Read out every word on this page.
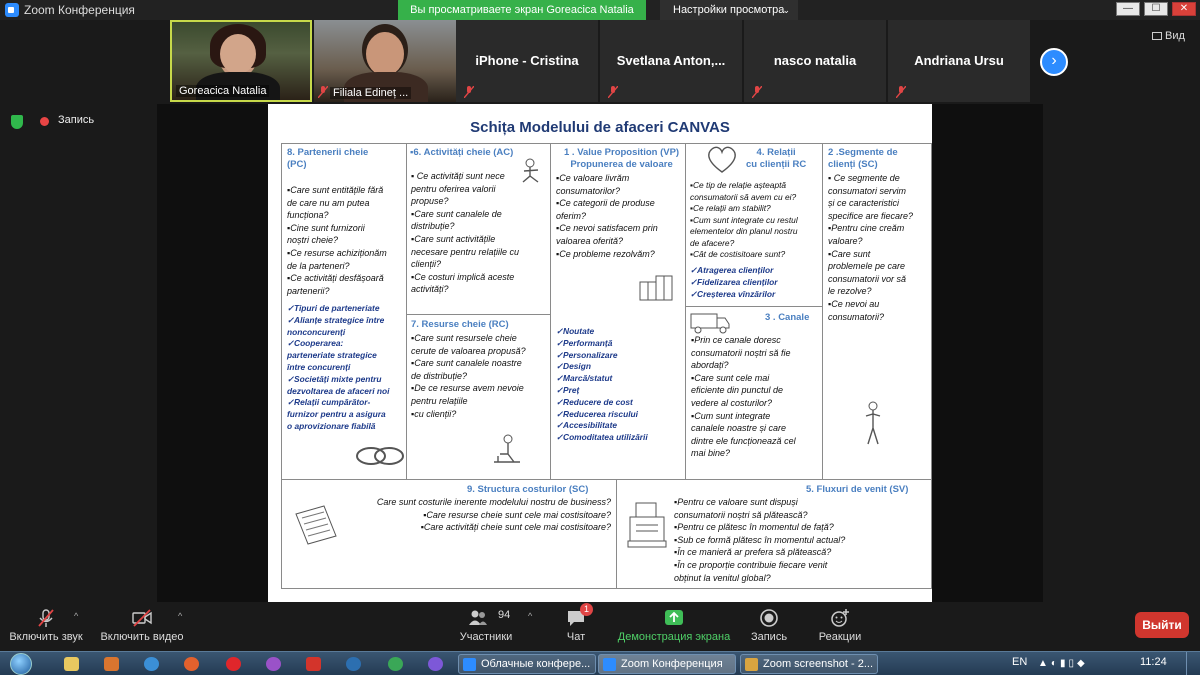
Zoom Конференция	Вы просматриваете экран Goreacica Natalia	Настройки просмотра
⌄	—	☐	✕
Goreacica Natalia	Filiala Edineț ...
iPhone - Cristina	Svetlana Anton,...	nasco natalia	Andriana Ursu	›
Вид
Запись	Schița Modelului de afaceri CANVAS
8. Partenerii cheie
(PC)
▪Care sunt entitățile fără
de care nu am putea
funcționa?
▪Cine sunt furnizorii
noștri cheie?
▪Ce resurse achiziționăm
de la parteneri?
▪Ce activități desfășoară
partenerii?
✓Tipuri de parteneriate
✓Alianțe strategice între
nonconcurenți
✓Cooperarea:
parteneriate strategice
între concurenți
✓Societăți mixte pentru
dezvoltarea de afaceri noi
✓Relații cumpărător-
furnizor pentru a asigura
o aprovizionare fiabilă
▪6. Activități cheie (AC)
▪ Ce activități sunt nece
pentru oferirea valorii
propuse?
▪Care sunt canalele de
distribuție?
▪Care sunt activitățile
necesare pentru relațiile cu
clienții?
▪Ce costuri implică aceste
activități?
7. Resurse cheie (RC)
▪Care sunt resursele cheie
cerute de valoarea propusă?
▪Care sunt canalele noastre
de distribuție?
▪De ce resurse avem nevoie
pentru relațiile
▪cu clienții?
1 . Value Proposition (VP)
Propunerea de valoare
▪Ce valoare livrăm
consumatorilor?
▪Ce categorii de produse
oferim?
▪Ce nevoi satisfacem prin
valoarea oferită?
▪Ce probleme rezolvăm?
✓Noutate
✓Performanță
✓Personalizare
✓Design
✓Marcă/statut
✓Preț
✓Reducere de cost
✓Reducerea riscului
✓Accesibilitate
✓Comoditatea utilizării
4. Relații
cu clienții RC
▪Ce tip de relație așteaptă
consumatorii să avem cu ei?
▪Ce relații am stabilit?
▪Cum sunt integrate cu restul
elementelor din planul nostru
de afacere?
▪Cât de costisitoare sunt?
✓Atragerea clienților
✓Fidelizarea clienților
✓Creșterea vînzărilor
3 . Canale
▪Prin ce canale doresc
consumatorii noștri să fie
abordați?
▪Care sunt cele mai
eficiente din punctul de
vedere al costurilor?
▪Cum sunt integrate
canalele noastre și care
dintre ele funcționează cel
mai bine?
2 .Segmente de
clienți (SC)
▪ Ce segmente de
consumatori servim
și ce caracteristici
specifice are fiecare?
▪Pentru cine creăm
valoare?
▪Care sunt
problemele pe care
consumatorii vor să
le rezolve?
▪Ce nevoi au
consumatorii?
9. Structura costurilor (SC)
Care sunt costurile inerente modelului nostru de business?
▪Care resurse cheie sunt cele mai costisitoare?
▪Care activități cheie sunt cele mai costisitoare?
5. Fluxuri de venit (SV)
▪Pentru ce valoare sunt dispuși
consumatorii noștri să plătească?
▪Pentru ce plătesc în momentul de față?
▪Sub ce formă plătesc în momentul actual?
▪În ce manieră ar prefera să plătească?
▪În ce proporție contribuie fiecare venit
obținut la venitul global?
^
Включить звук
^
Включить видео
94 ^
Участники
1
Чат	Демонстрация экрана	Запись	Реакции
Выйти
Облачные конфере...	Zoom Конференция	Zoom screenshot - 2...	EN ▲◐▮▯◆	11:24
